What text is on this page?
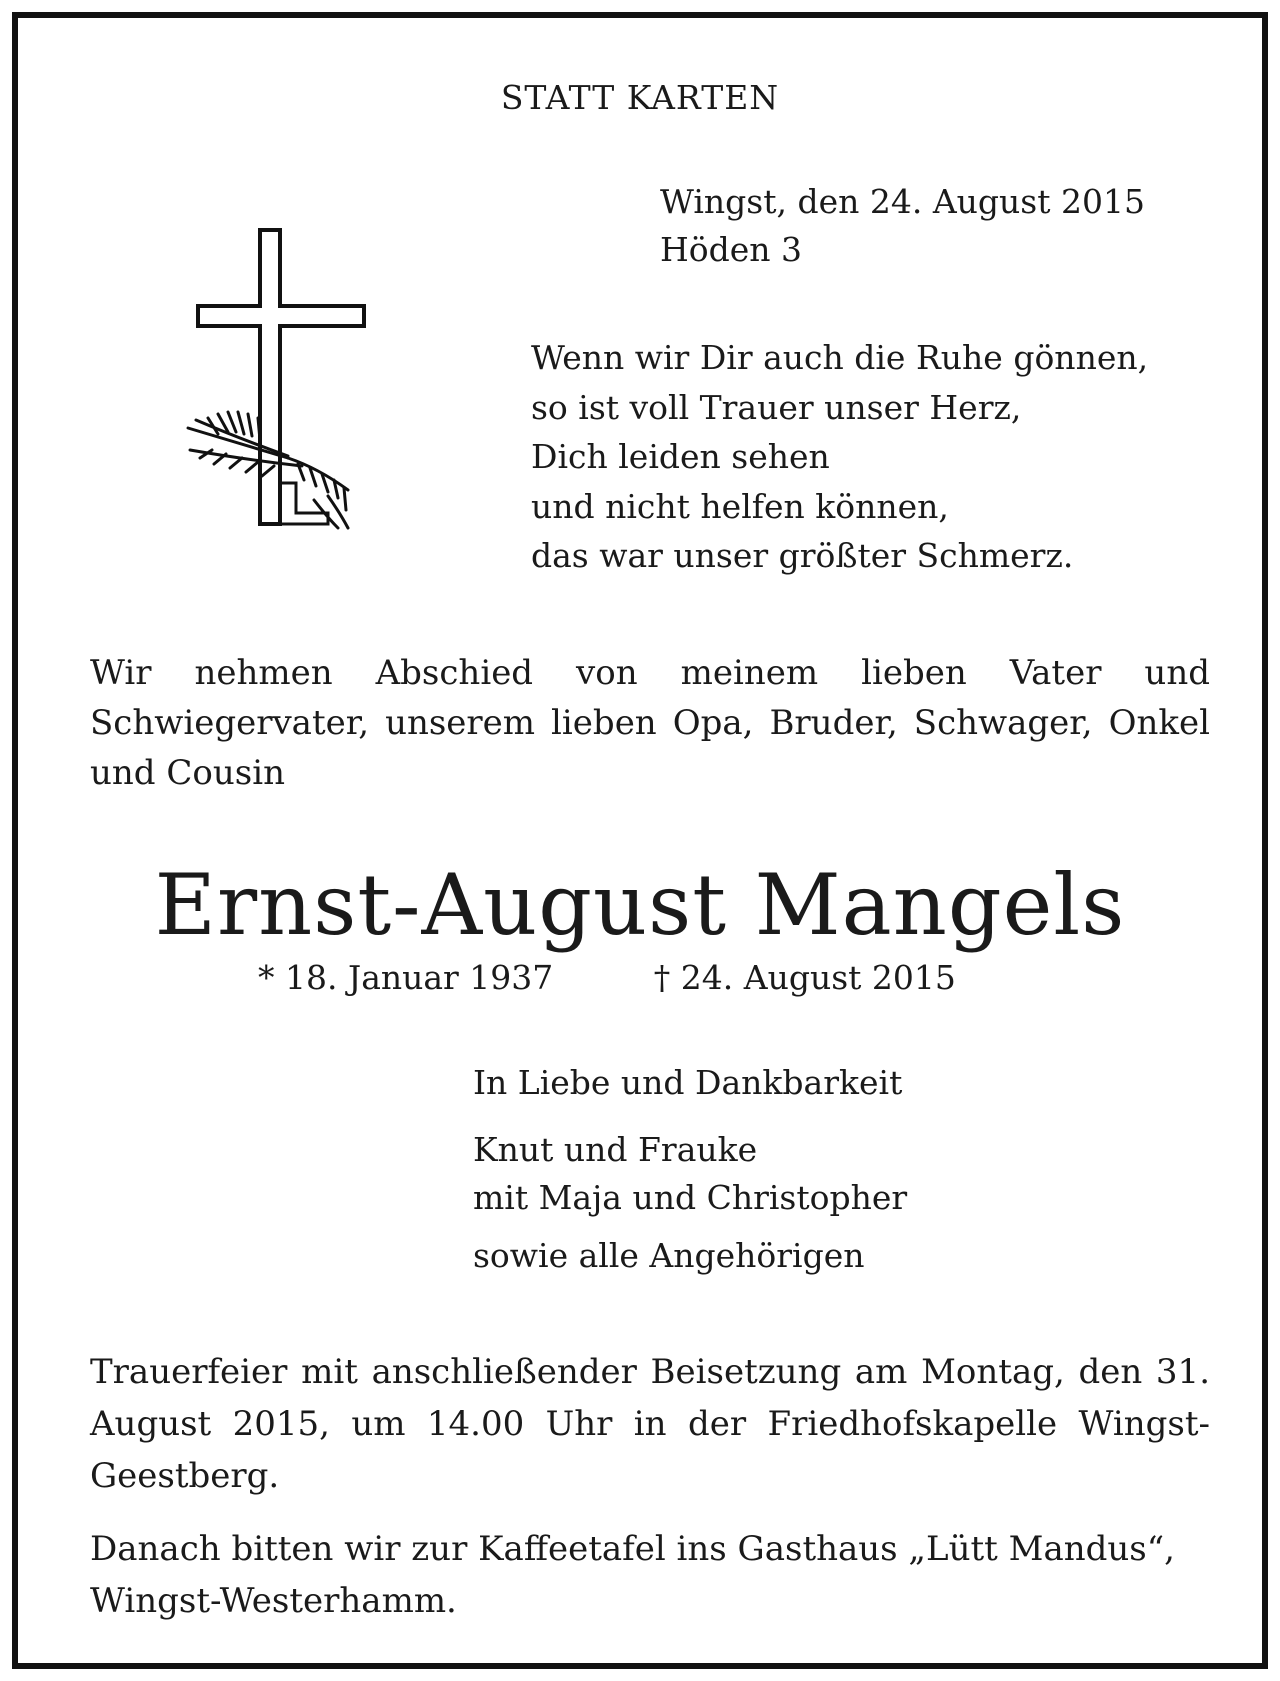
STATT KARTEN

Wingst, den 24. August 2015
Höden 3
Wenn wir Dir auch die Ruhe gönnen,
so ist voll Trauer unser Herz,
Dich leiden sehen
und nicht helfen können,
das war unser größter Schmerz.

Wir nehmen Abschied von meinem lieben Vater und Schwiegervater, unserem lieben Opa, Bruder, Schwager, Onkel und Cousin

Ernst-August Mangels

* 18. Januar 1937	† 24. August 2015

In Liebe und Dankbarkeit

Knut und Frauke

mit Maja und Christopher

sowie alle Angehörigen

Trauerfeier mit anschließender Beisetzung am Montag, den 31. August 2015, um 14.00 Uhr in der Friedhofskapelle Wingst-Geestberg.

Danach bitten wir zur Kaffeetafel ins Gasthaus „Lütt Mandus“, Wingst-Westerhamm.
